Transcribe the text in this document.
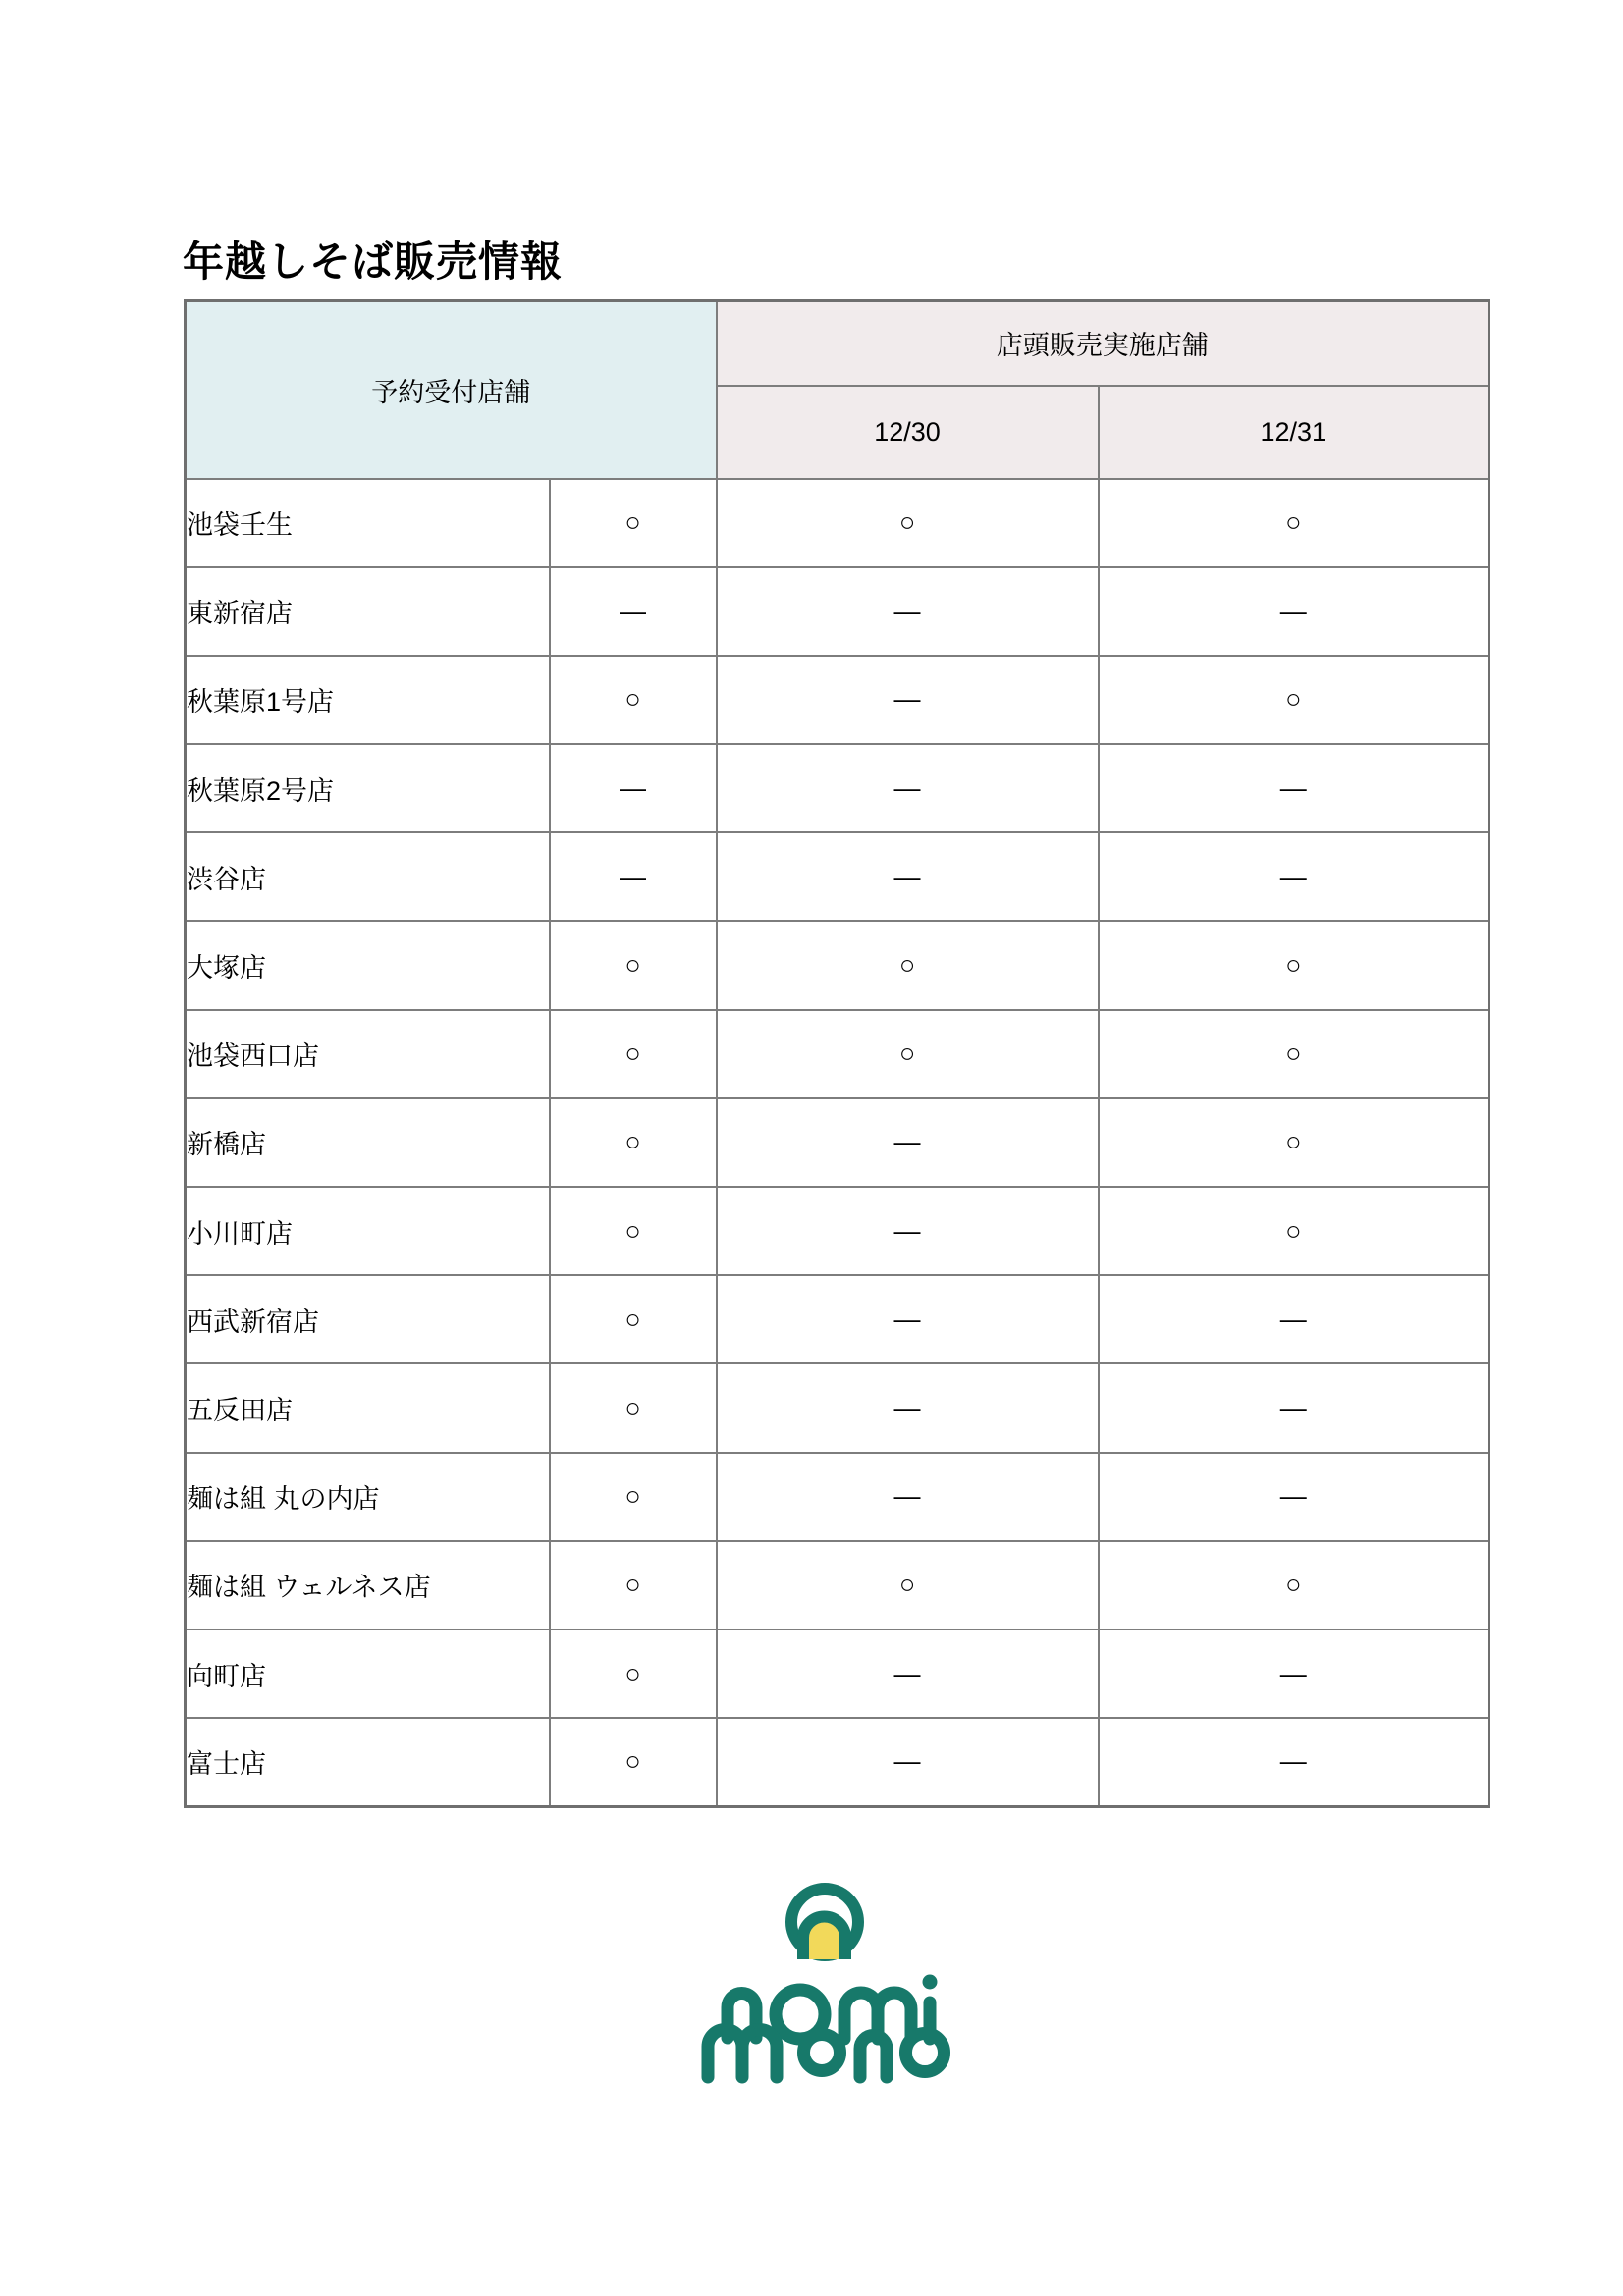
年越しそば販売情報
予約受付店舗		店頭販売実施店舗	
		12/30	12/31
池袋壬生	○	○	○
東新宿店	—	—	—
秋葉原1号店	○	—	○
秋葉原2号店	—	—	—
渋谷店	—	—	—
大塚店	○	○	○
池袋西口店	○	○	○
新橋店	○	—	○
小川町店	○	—	○
西武新宿店	○	—	—
五反田店	○	—	—
麺は組 丸の内店	○	—	—
麺は組 ウェルネス店	○	○	○
向町店	○	—	—
富士店	○	—	—
